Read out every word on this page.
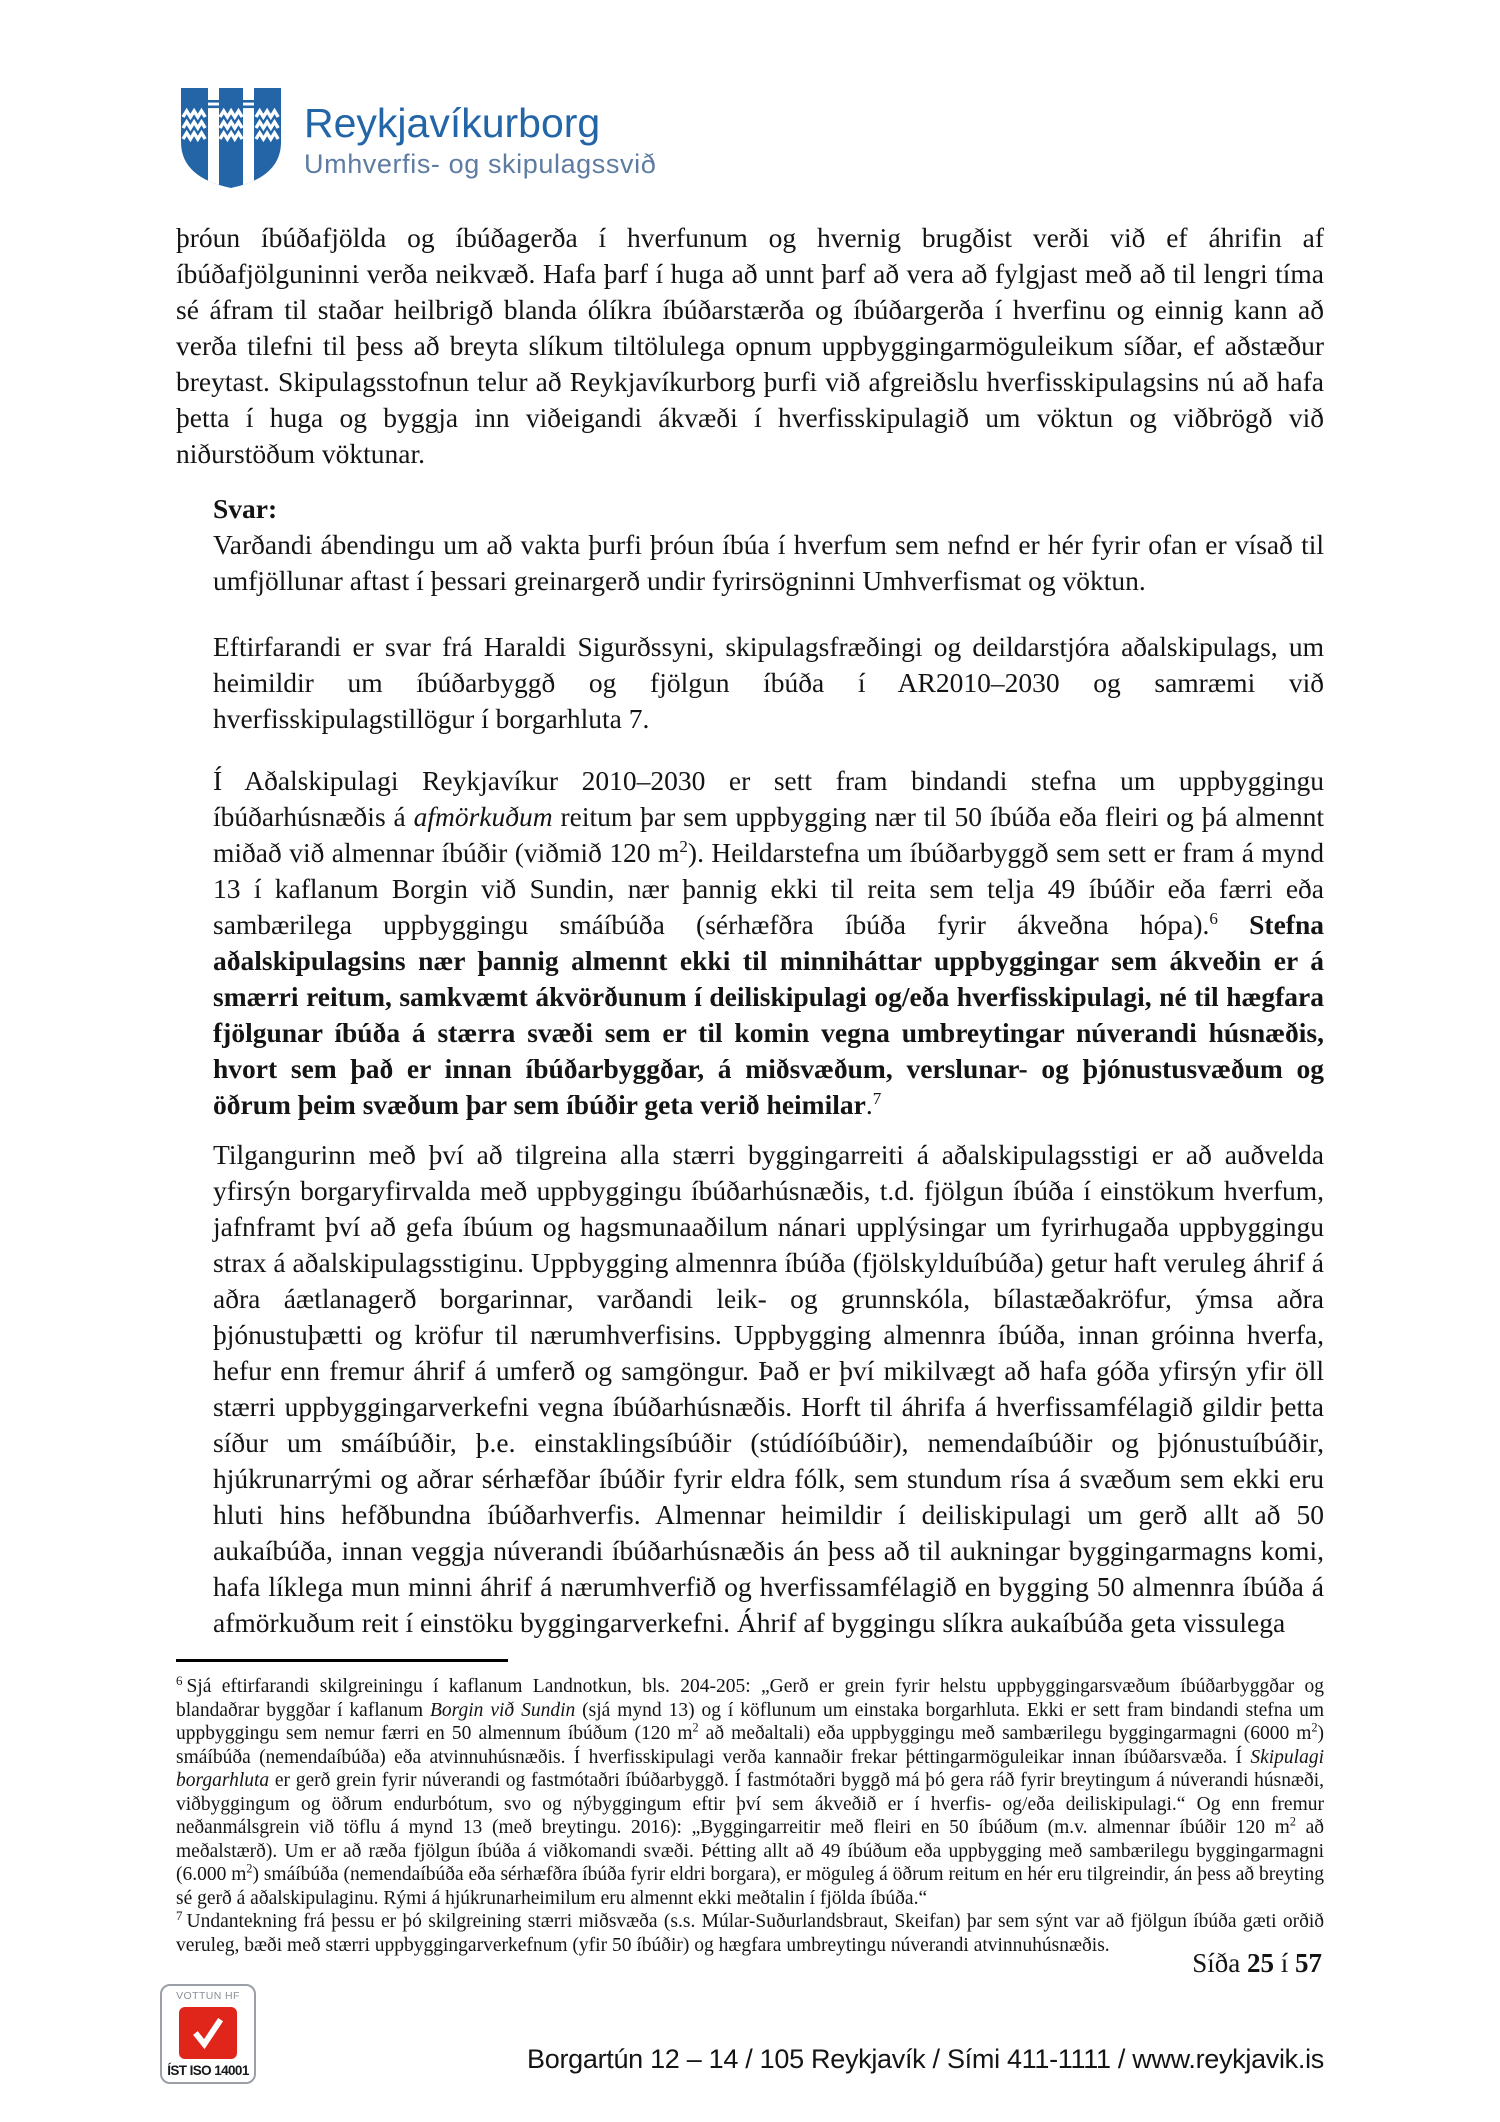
Reykjavíkurborg
Umhverfis- og skipulagssvið

þróun íbúðafjölda og íbúðagerða í hverfunum og hvernig brugðist verði við ef áhrifin af íbúðafjölguninni verða neikvæð. Hafa þarf í huga að unnt þarf að vera að fylgjast með að til lengri tíma sé áfram til staðar heilbrigð blanda ólíkra íbúðarstærða og íbúðargerða í hverfinu og einnig kann að verða tilefni til þess að breyta slíkum tiltölulega opnum uppbyggingarmöguleikum síðar, ef aðstæður breytast. Skipulagsstofnun telur að Reykjavíkurborg þurfi við afgreiðslu hverfisskipulagsins nú að hafa þetta í huga og byggja inn viðeigandi ákvæði í hverfisskipulagið um vöktun og viðbrögð við niðurstöðum vöktunar.

Svar:

Varðandi ábendingu um að vakta þurfi þróun íbúa í hverfum sem nefnd er hér fyrir ofan er vísað til umfjöllunar aftast í þessari greinargerð undir fyrirsögninni Umhverfismat og vöktun.

Eftirfarandi er svar frá Haraldi Sigurðssyni, skipulagsfræðingi og deildarstjóra aðalskipulags, um heimildir um íbúðarbyggð og fjölgun íbúða í AR2010–2030 og samræmi við hverfisskipulagstillögur í borgarhluta 7.

Í Aðalskipulagi Reykjavíkur 2010–2030 er sett fram bindandi stefna um uppbyggingu íbúðarhúsnæðis á afmörkuðum reitum þar sem uppbygging nær til 50 íbúða eða fleiri og þá almennt miðað við almennar íbúðir (viðmið 120 $m^2$). Heildarstefna um íbúðarbyggð sem sett er fram á mynd 13 í kaflanum Borgin við Sundin, nær þannig ekki til reita sem telja 49 íbúðir eða færri eða sambærilega uppbyggingu smáíbúða (sérhæfðra íbúða fyrir ákveðna hópa).$^6$ Stefna aðalskipulagsins nær þannig almennt ekki til minniháttar uppbyggingar sem ákveðin er á smærri reitum, samkvæmt ákvörðunum í deiliskipulagi og/eða hverfisskipulagi, né til hægfara fjölgunar íbúða á stærra svæði sem er til komin vegna umbreytingar núverandi húsnæðis, hvort sem það er innan íbúðarbyggðar, á miðsvæðum, verslunar- og þjónustusvæðum og öðrum þeim svæðum þar sem íbúðir geta verið heimilar.$^7$

Tilgangurinn með því að tilgreina alla stærri byggingarreiti á aðalskipulagsstigi er að auðvelda yfirsýn borgaryfirvalda með uppbyggingu íbúðarhúsnæðis, t.d. fjölgun íbúða í einstökum hverfum, jafnframt því að gefa íbúum og hagsmunaaðilum nánari upplýsingar um fyrirhugaða uppbyggingu strax á aðalskipulagsstiginu. Uppbygging almennra íbúða (fjölskylduíbúða) getur haft veruleg áhrif á aðra áætlanagerð borgarinnar, varðandi leik- og grunnskóla, bílastæðakröfur, ýmsa aðra þjónustuþætti og kröfur til nærumhverfisins. Uppbygging almennra íbúða, innan gróinna hverfa, hefur enn fremur áhrif á umferð og samgöngur. Það er því mikilvægt að hafa góða yfirsýn yfir öll stærri uppbyggingarverkefni vegna íbúðarhúsnæðis. Horft til áhrifa á hverfissamfélagið gildir þetta síður um smáíbúðir, þ.e. einstaklingsíbúðir (stúdíóíbúðir), nemendaíbúðir og þjónustuíbúðir, hjúkrunarrými og aðrar sérhæfðar íbúðir fyrir eldra fólk, sem stundum rísa á svæðum sem ekki eru hluti hins hefðbundna íbúðarhverfis. Almennar heimildir í deiliskipulagi um gerð allt að 50 aukaíbúða, innan veggja núverandi íbúðarhúsnæðis án þess að til aukningar byggingarmagns komi, hafa líklega mun minni áhrif á nærumhverfið og hverfissamfélagið en bygging 50 almennra íbúða á afmörkuðum reit í einstöku byggingarverkefni. Áhrif af byggingu slíkra aukaíbúða geta vissulega

$^6$ Sjá eftirfarandi skilgreiningu í kaflanum Landnotkun, bls. 204-205: „Gerð er grein fyrir helstu uppbyggingarsvæðum íbúðarbyggðar og blandaðrar byggðar í kaflanum Borgin við Sundin (sjá mynd 13) og í köflunum um einstaka borgarhluta. Ekki er sett fram bindandi stefna um uppbyggingu sem nemur færri en 50 almennum íbúðum (120 $m^2$ að meðaltali) eða uppbyggingu með sambærilegu byggingarmagni (6000 $m^2$) smáíbúða (nemendaíbúða) eða atvinnuhúsnæðis. Í hverfisskipulagi verða kannaðir frekar þéttingarmöguleikar innan íbúðarsvæða. Í Skipulagi borgarhluta er gerð grein fyrir núverandi og fastmótaðri íbúðarbyggð. Í fastmótaðri byggð má þó gera ráð fyrir breytingum á núverandi húsnæði, viðbyggingum og öðrum endurbótum, svo og nýbyggingum eftir því sem ákveðið er í hverfis- og/eða deiliskipulagi.“ Og enn fremur neðanmálsgrein við töflu á mynd 13 (með breytingu. 2016): „Byggingarreitir með fleiri en 50 íbúðum (m.v. almennar íbúðir 120 $m^2$ að meðalstærð). Um er að ræða fjölgun íbúða á viðkomandi svæði. Þétting allt að 49 íbúðum eða uppbygging með sambærilegu byggingarmagni (6.000 $m^2$) smáíbúða (nemendaíbúða eða sérhæfðra íbúða fyrir eldri borgara), er möguleg á öðrum reitum en hér eru tilgreindir, án þess að breyting sé gerð á aðalskipulaginu. Rými á hjúkrunarheimilum eru almennt ekki meðtalin í fjölda íbúða.“

$^7$ Undantekning frá þessu er þó skilgreining stærri miðsvæða (s.s. Múlar-Suðurlandsbraut, Skeifan) þar sem sýnt var að fjölgun íbúða gæti orðið veruleg, bæði með stærri uppbyggingarverkefnum (yfir 50 íbúðir) og hægfara umbreytingu núverandi atvinnuhúsnæðis.

Síða 25 í 57
VOTTUN HF
ÍST ISO 14001	Borgartún 12 – 14 / 105 Reykjavík / Sími 411-1111 / www.reykjavik.is
